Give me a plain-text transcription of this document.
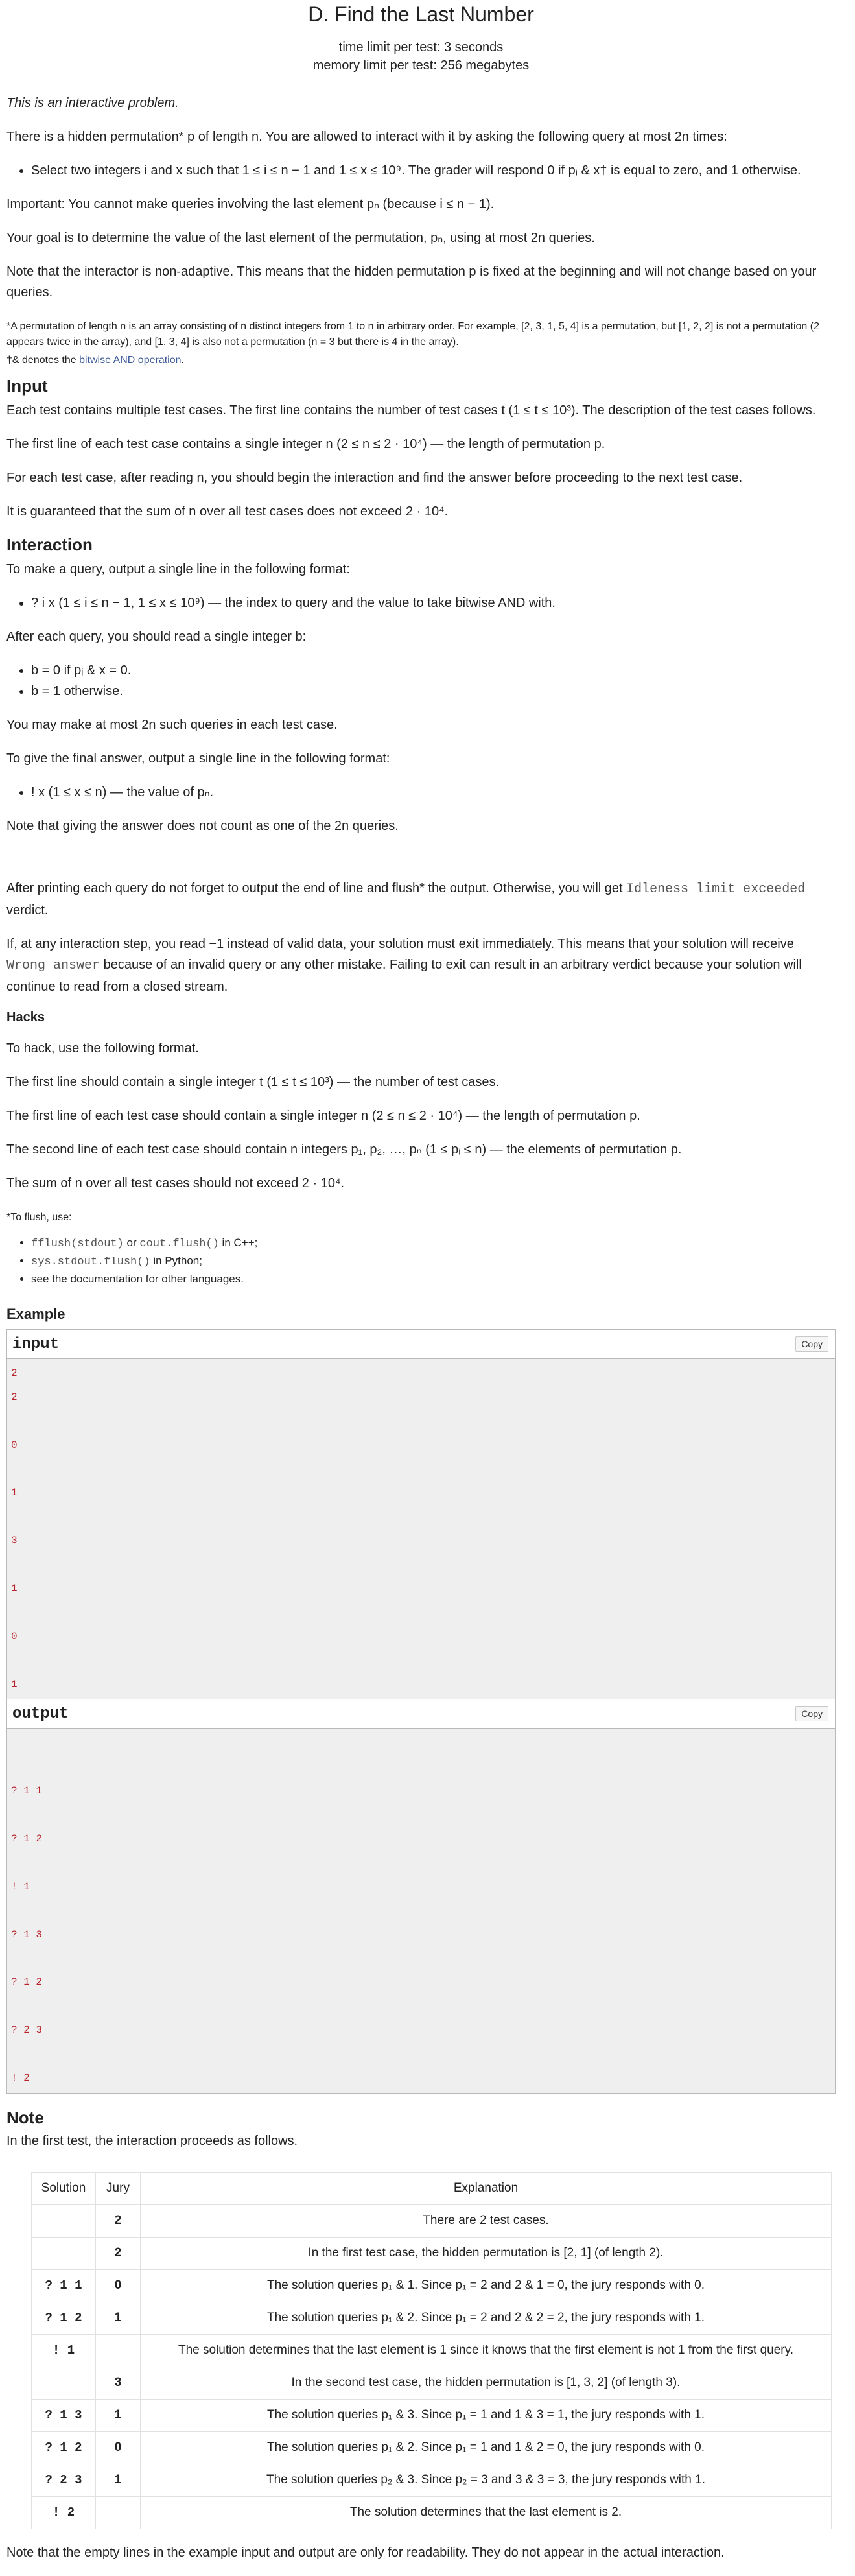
D. Find the Last Number
time limit per test: 3 seconds
memory limit per test: 256 megabytes

This is an interactive problem.

There is a hidden permutation* p of length n. You are allowed to interact with it by asking the following query at most 2n times:

• Select two integers i and x such that 1 ≤ i ≤ n − 1 and 1 ≤ x ≤ 10⁹. The grader will respond 0 if pᵢ & x† is equal to zero, and 1 otherwise.

Important: You cannot make queries involving the last element pₙ (because i ≤ n − 1).

Your goal is to determine the value of the last element of the permutation, pₙ, using at most 2n queries.

Note that the interactor is non-adaptive. This means that the hidden permutation p is fixed at the beginning and will not change based on your queries.

*A permutation of length n is an array consisting of n distinct integers from 1 to n in arbitrary order. For example, [2, 3, 1, 5, 4] is a permutation, but [1, 2, 2] is not a permutation (2 appears twice in the array), and [1, 3, 4] is also not a permutation (n = 3 but there is 4 in the array).
†& denotes the bitwise AND operation.
Input

Each test contains multiple test cases. The first line contains the number of test cases t (1 ≤ t ≤ 10³). The description of the test cases follows.

The first line of each test case contains a single integer n (2 ≤ n ≤ 2 · 10⁴) — the length of permutation p.

For each test case, after reading n, you should begin the interaction and find the answer before proceeding to the next test case.

It is guaranteed that the sum of n over all test cases does not exceed 2 · 10⁴.

Interaction

To make a query, output a single line in the following format:

• ? i x (1 ≤ i ≤ n − 1, 1 ≤ x ≤ 10⁹) — the index to query and the value to take bitwise AND with.

After each query, you should read a single integer b:

• b = 0 if pᵢ & x = 0.
• b = 1 otherwise.

You may make at most 2n such queries in each test case.

To give the final answer, output a single line in the following format:

• ! x (1 ≤ x ≤ n) — the value of pₙ.

Note that giving the answer does not count as one of the 2n queries.

After printing each query do not forget to output the end of line and flush* the output. Otherwise, you will get Idleness limit exceeded verdict.

If, at any interaction step, you read −1 instead of valid data, your solution must exit immediately. This means that your solution will receive Wrong answer because of an invalid query or any other mistake. Failing to exit can result in an arbitrary verdict because your solution will continue to read from a closed stream.

Hacks

To hack, use the following format.

The first line should contain a single integer t (1 ≤ t ≤ 10³) — the number of test cases.

The first line of each test case should contain a single integer n (2 ≤ n ≤ 2 · 10⁴) — the length of permutation p.

The second line of each test case should contain n integers p₁, p₂, …, pₙ (1 ≤ pᵢ ≤ n) — the elements of permutation p.

The sum of n over all test cases should not exceed 2 · 10⁴.

*To flush, use:
• fflush(stdout) or cout.flush() in C++;
• sys.stdout.flush() in Python;
• see the documentation for other languages.
Example
input	Copy
2
2
0
1
3
1
0
1
output	Copy
? 1 1
? 1 2
! 1
? 1 3
? 1 2
? 2 3
! 2
Note
In the first test, the interaction proceeds as follows.
Solution	Jury	Explanation
	2	There are 2 test cases.
	2	In the first test case, the hidden permutation is [2, 1] (of length 2).
? 1 1	0	The solution queries p₁ & 1. Since p₁ = 2 and 2 & 1 = 0, the jury responds with 0.
? 1 2	1	The solution queries p₁ & 2. Since p₁ = 2 and 2 & 2 = 2, the jury responds with 1.
! 1		The solution determines that the last element is 1 since it knows that the first element is not 1 from the first query.
	3	In the second test case, the hidden permutation is [1, 3, 2] (of length 3).
? 1 3	1	The solution queries p₁ & 3. Since p₁ = 1 and 1 & 3 = 1, the jury responds with 1.
? 1 2	0	The solution queries p₁ & 2. Since p₁ = 1 and 1 & 2 = 0, the jury responds with 0.
? 2 3	1	The solution queries p₂ & 3. Since p₂ = 3 and 3 & 3 = 3, the jury responds with 1.
! 2		The solution determines that the last element is 2.

Note that the empty lines in the example input and output are only for readability. They do not appear in the actual interaction.
